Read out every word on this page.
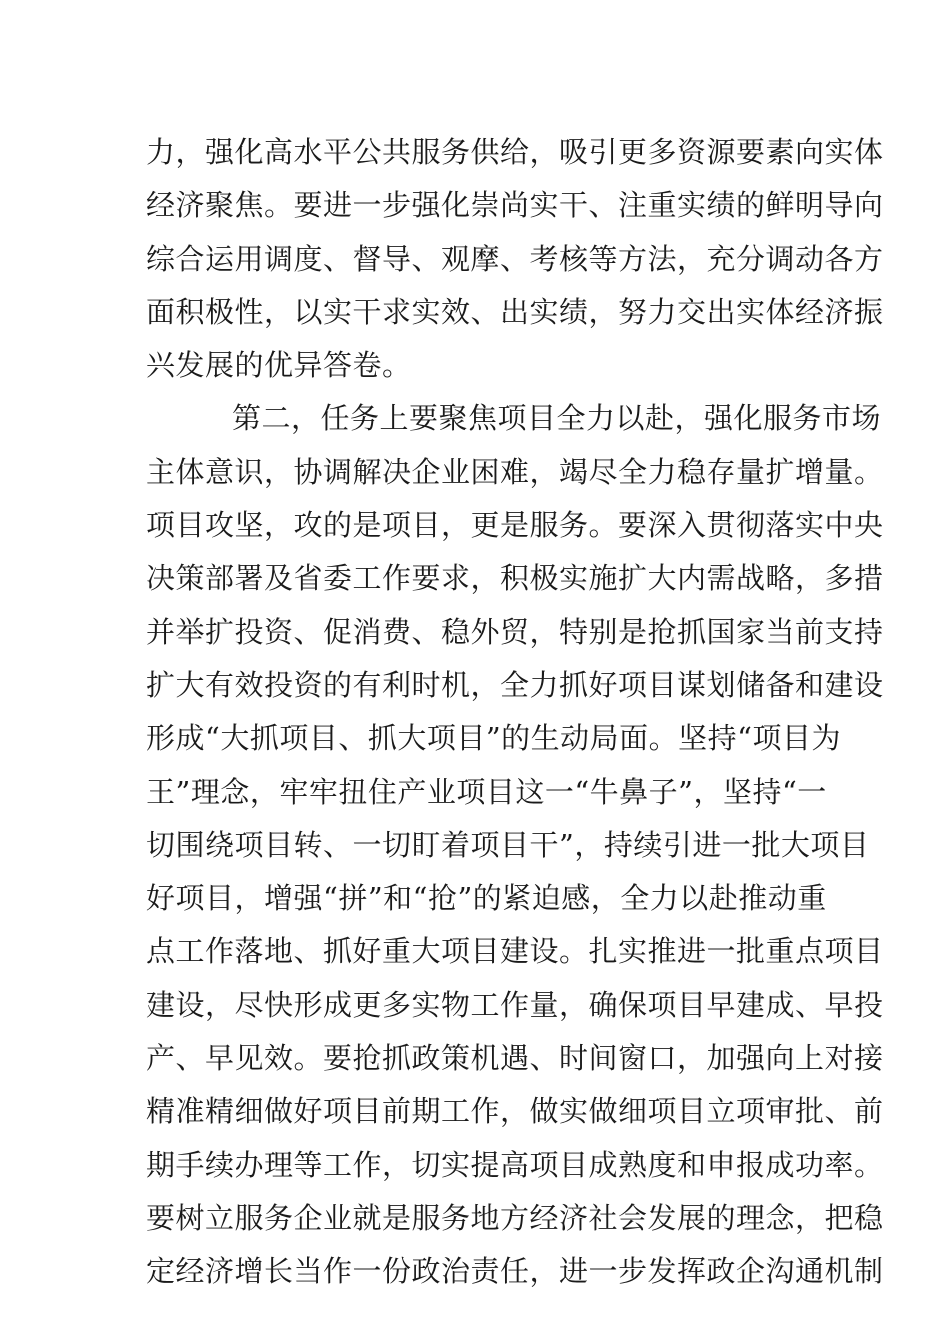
力，强化高水平公共服务供给，吸引更多资源要素向实体
经济聚焦。要进一步强化崇尚实干、注重实绩的鲜明导向
综合运用调度、督导、观摩、考核等方法，充分调动各方
面积极性，以实干求实效、出实绩，努力交出实体经济振
兴发展的优异答卷。
第二，任务上要聚焦项目全力以赴，强化服务市场
主体意识，协调解决企业困难，竭尽全力稳存量扩增量。
项目攻坚，攻的是项目，更是服务。要深入贯彻落实中央
决策部署及省委工作要求，积极实施扩大内需战略，多措
并举扩投资、促消费、稳外贸，特别是抢抓国家当前支持
扩大有效投资的有利时机，全力抓好项目谋划储备和建设
形成“大抓项目、抓大项目”的生动局面。坚持“项目为
王”理念，牢牢扭住产业项目这一“牛鼻子”，坚持“一
切围绕项目转、一切盯着项目干”，持续引进一批大项目
好项目，增强“拼”和“抢”的紧迫感，全力以赴推动重
点工作落地、抓好重大项目建设。扎实推进一批重点项目
建设，尽快形成更多实物工作量，确保项目早建成、早投
产、早见效。要抢抓政策机遇、时间窗口，加强向上对接
精准精细做好项目前期工作，做实做细项目立项审批、前
期手续办理等工作，切实提高项目成熟度和申报成功率。
要树立服务企业就是服务地方经济社会发展的理念，把稳
定经济增长当作一份政治责任，进一步发挥政企沟通机制
